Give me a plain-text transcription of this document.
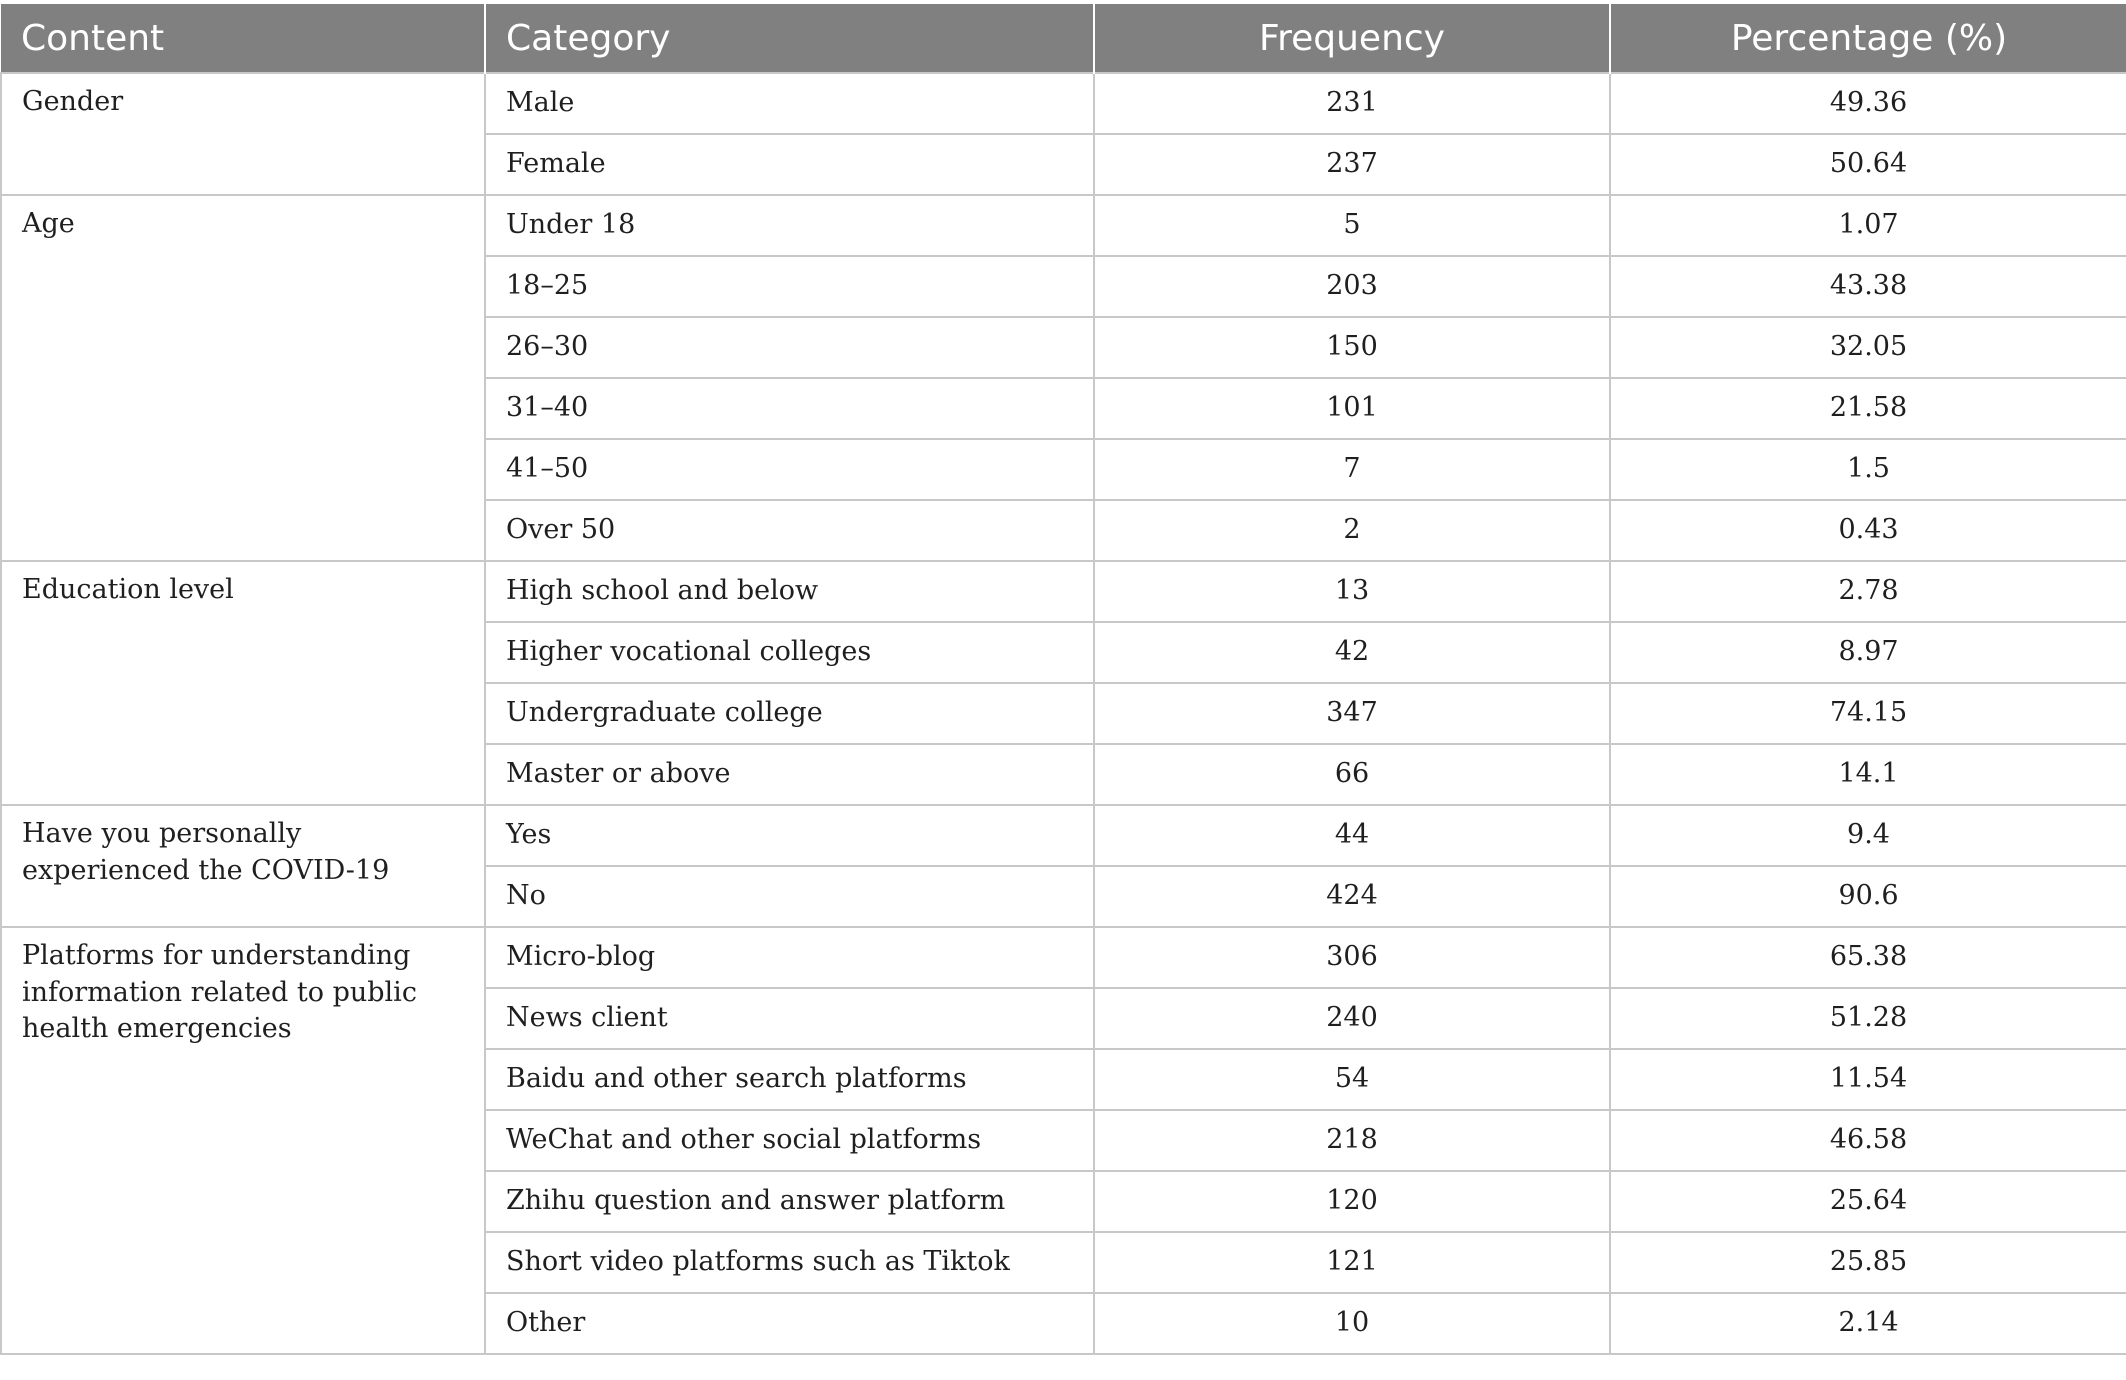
Content	Category	Frequency	Percentage (%)
Gender	Male	231	49.36
	Female	237	50.64
Age	Under 18	5	1.07
	18–25	203	43.38
	26–30	150	32.05
	31–40	101	21.58
	41–50	7	1.5
	Over 50	2	0.43
Education level	High school and below	13	2.78
	Higher vocational colleges	42	8.97
	Undergraduate college	347	74.15
	Master or above	66	14.1
Have you personally experienced the COVID-19	Yes	44	9.4
	No	424	90.6
Platforms for understanding information related to public health emergencies	Micro-blog	306	65.38
	News client	240	51.28
	Baidu and other search platforms	54	11.54
	WeChat and other social platforms	218	46.58
	Zhihu question and answer platform	120	25.64
	Short video platforms such as Tiktok	121	25.85
	Other	10	2.14
